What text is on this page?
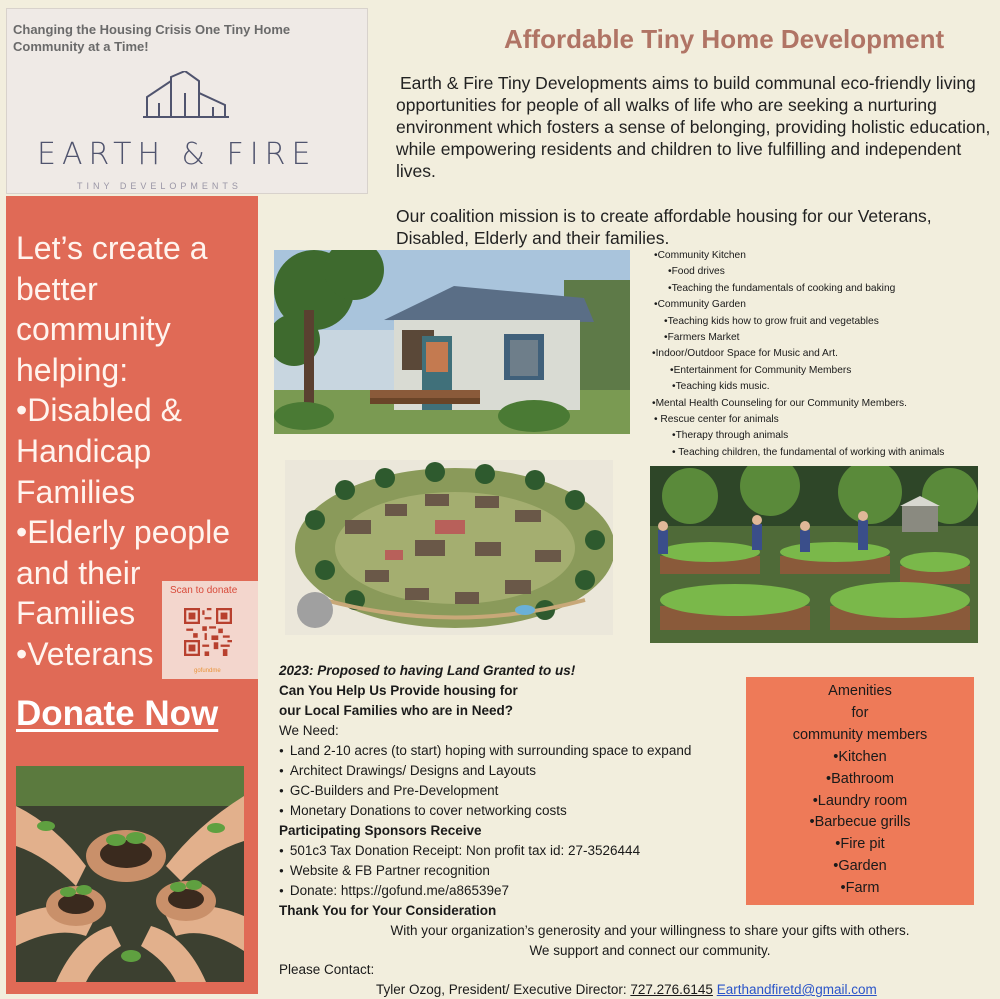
Changing the Housing Crisis One Tiny Home Community at a Time!
EARTH & FIRE
TINY DEVELOPMENTS
Let’s create a
better
community
helping:
•Disabled &
Handicap
Families
•Elderly people
and their
Families
•Veterans
Scan to donate
gofundme
Donate Now
Affordable Tiny Home Development
Earth & Fire Tiny Developments aims to build communal eco-friendly living opportunities for people of all walks of life who are seeking a nurturing environment which fosters a sense of belonging, providing holistic education, while empowering residents and children to live fulfilling and independent lives.
Our coalition mission is to create affordable housing for our Veterans, Disabled, Elderly and their families.
•Community Kitchen
•Food drives
•Teaching the fundamentals of cooking and baking
•Community Garden
•Teaching kids how to grow fruit and vegetables
•Farmers Market
•Indoor/Outdoor Space for Music and Art.
•Entertainment for Community Members
•Teaching kids music.
•Mental Health Counseling for our Community Members.
• Rescue center for animals
•Therapy through animals
• Teaching children, the fundamental of working with animals
2023: Proposed to having Land Granted to us!
Can You Help Us Provide housing for
our Local Families who are in Need?
We Need:
● Land 2-10 acres (to start) hoping with surrounding space to expand
● Architect Drawings/ Designs and Layouts
● GC-Builders and Pre-Development
● Monetary Donations to cover networking costs
Participating Sponsors Receive
● 501c3 Tax Donation Receipt: Non profit tax id: 27-3526444
● Website & FB Partner recognition
● Donate: https://gofund.me/a86539e7
Thank You for Your Consideration
Amenities
for
community members
•Kitchen
•Bathroom
•Laundry room
•Barbecue grills
•Fire pit
•Garden
•Farm
With your organization’s generosity and your willingness to share your gifts with others.
We support and connect our community.
Please Contact:
Tyler Ozog, President/ Executive Director: 727.276.6145 Earthandfiretd@gmail.com
